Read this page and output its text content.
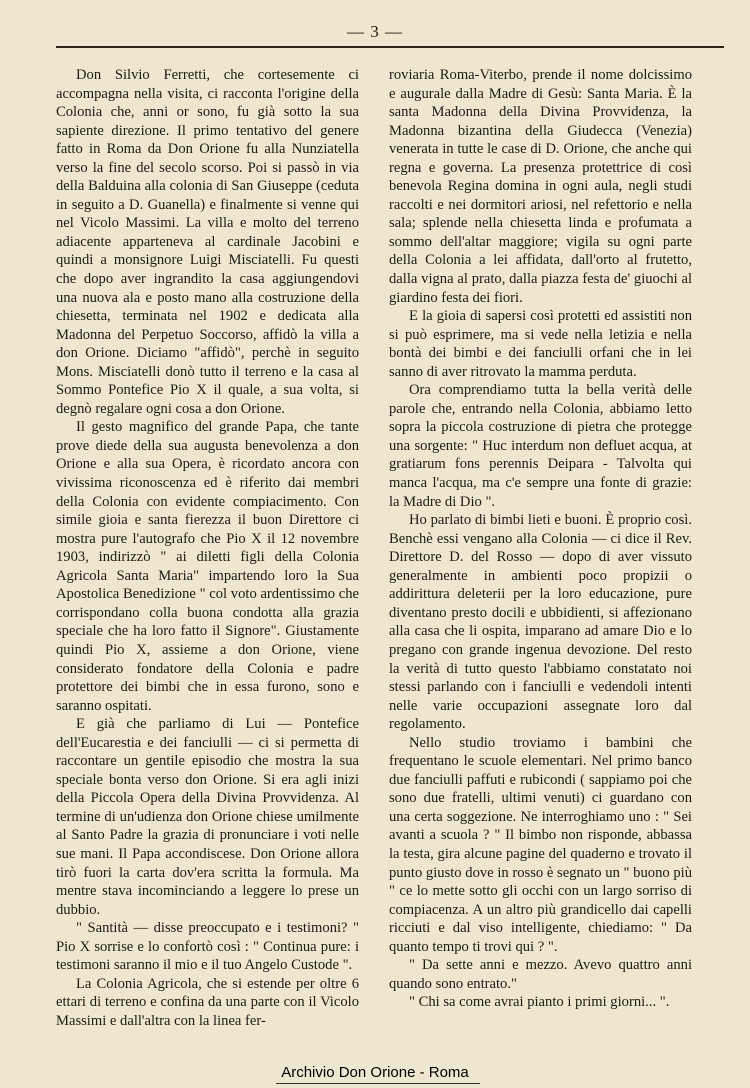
— 3 —

Don Silvio Ferretti, che cortesemente ci accompagna nella visita, ci racconta l'origine della Colonia che, anni or sono, fu già sotto la sua sapiente direzione. Il primo tentativo del genere fatto in Roma da Don Orione fu alla Nunziatella verso la fine del secolo scorso. Poi si passò in via della Balduina alla colonia di San Giuseppe (ceduta in seguito a D. Guanella) e finalmente si venne qui nel Vicolo Massimi. La villa e molto del terreno adiacente apparteneva al cardinale Jacobini e quindi a monsignore Luigi Misciatelli. Fu questi che dopo aver ingrandito la casa aggiungendovi una nuova ala e posto mano alla costruzione della chiesetta, terminata nel 1902 e dedicata alla Madonna del Perpetuo Soccorso, affidò la villa a don Orione. Diciamo "affidò", perchè in seguito Mons. Misciatelli donò tutto il terreno e la casa al Sommo Pontefice Pio X il quale, a sua volta, si degnò regalare ogni cosa a don Orione.

Il gesto magnifico del grande Papa, che tante prove diede della sua augusta benevolenza a don Orione e alla sua Opera, è ricordato ancora con vivissima riconoscenza ed è riferito dai membri della Colonia con evidente compiacimento. Con simile gioia e santa fierezza il buon Direttore ci mostra pure l'autografo che Pio X il 12 novembre 1903, indirizzò " ai diletti figli della Colonia Agricola Santa Maria" impartendo loro la Sua Apostolica Benedizione " col voto ardentissimo che corrispondano colla buona condotta alla grazia speciale che ha loro fatto il Signore". Giustamente quindi Pio X, assieme a don Orione, viene considerato fondatore della Colonia e padre protettore dei bimbi che in essa furono, sono e saranno ospitati.

E già che parliamo di Lui — Pontefice dell'Eucarestia e dei fanciulli — ci si permetta di raccontare un gentile episodio che mostra la sua speciale bonta verso don Orione. Si era agli inizi della Piccola Opera della Divina Provvidenza. Al termine di un'udienza don Orione chiese umilmente al Santo Padre la grazia di pronunciare i voti nelle sue mani. Il Papa accondiscese. Don Orione allora tirò fuori la carta dov'era scritta la formula. Ma mentre stava incominciando a leggere lo prese un dubbio.

" Santità — disse preoccupato e i testimoni? " Pio X sorrise e lo confortò così : " Continua pure: i testimoni saranno il mio e il tuo Angelo Custode ".

La Colonia Agricola, che si estende per oltre 6 ettari di terreno e confina da una parte con il Vicolo Massimi e dall'altra con la linea fer-

roviaria Roma-Viterbo, prende il nome dolcissimo e augurale dalla Madre di Gesù: Santa Maria. È la santa Madonna della Divina Provvidenza, la Madonna bizantina della Giudecca (Venezia) venerata in tutte le case di D. Orione, che anche qui regna e governa. La presenza protettrice di così benevola Regina domina in ogni aula, negli studi raccolti e nei dormitori ariosi, nel refettorio e nella sala; splende nella chiesetta linda e profumata a sommo dell'altar maggiore; vigila su ogni parte della Colonia a lei affidata, dall'orto al frutetto, dalla vigna al prato, dalla piazza festa de' giuochi al giardino festa dei fiori.

E la gioia di sapersi così protetti ed assistiti non si può esprimere, ma si vede nella letizia e nella bontà dei bimbi e dei fanciulli orfani che in lei sanno di aver ritrovato la mamma perduta.

Ora comprendiamo tutta la bella verità delle parole che, entrando nella Colonia, abbiamo letto sopra la piccola costruzione di pietra che protegge una sorgente: " Huc interdum non defluet acqua, at gratiarum fons perennis Deipara - Talvolta qui manca l'acqua, ma c'e sempre una fonte di grazie: la Madre di Dio ".

Ho parlato di bimbi lieti e buoni. È proprio così. Benchè essi vengano alla Colonia — ci dice il Rev. Direttore D. del Rosso — dopo di aver vissuto generalmente in ambienti poco propizii o addirittura deleterii per la loro educazione, pure diventano presto docili e ubbidienti, si affezionano alla casa che li ospita, imparano ad amare Dio e lo pregano con grande ingenua devozione. Del resto la verità di tutto questo l'abbiamo constatato noi stessi parlando con i fanciulli e vedendoli intenti nelle varie occupazioni assegnate loro dal regolamento.

Nello studio troviamo i bambini che frequentano le scuole elementari. Nel primo banco due fanciulli paffuti e rubicondi ( sappiamo poi che sono due fratelli, ultimi venuti) ci guardano con una certa soggezione. Ne interroghiamo uno : " Sei avanti a scuola ? " Il bimbo non risponde, abbassa la testa, gira alcune pagine del quaderno e trovato il punto giusto dove in rosso è segnato un " buono più " ce lo mette sotto gli occhi con un largo sorriso di compiacenza. A un altro più grandicello dai capelli ricciuti e dal viso intelligente, chiediamo: " Da quanto tempo ti trovi qui ? ".

" Da sette anni e mezzo. Avevo quattro anni quando sono entrato."

" Chi sa come avrai pianto i primi giorni... ".

Archivio Don Orione - Roma
